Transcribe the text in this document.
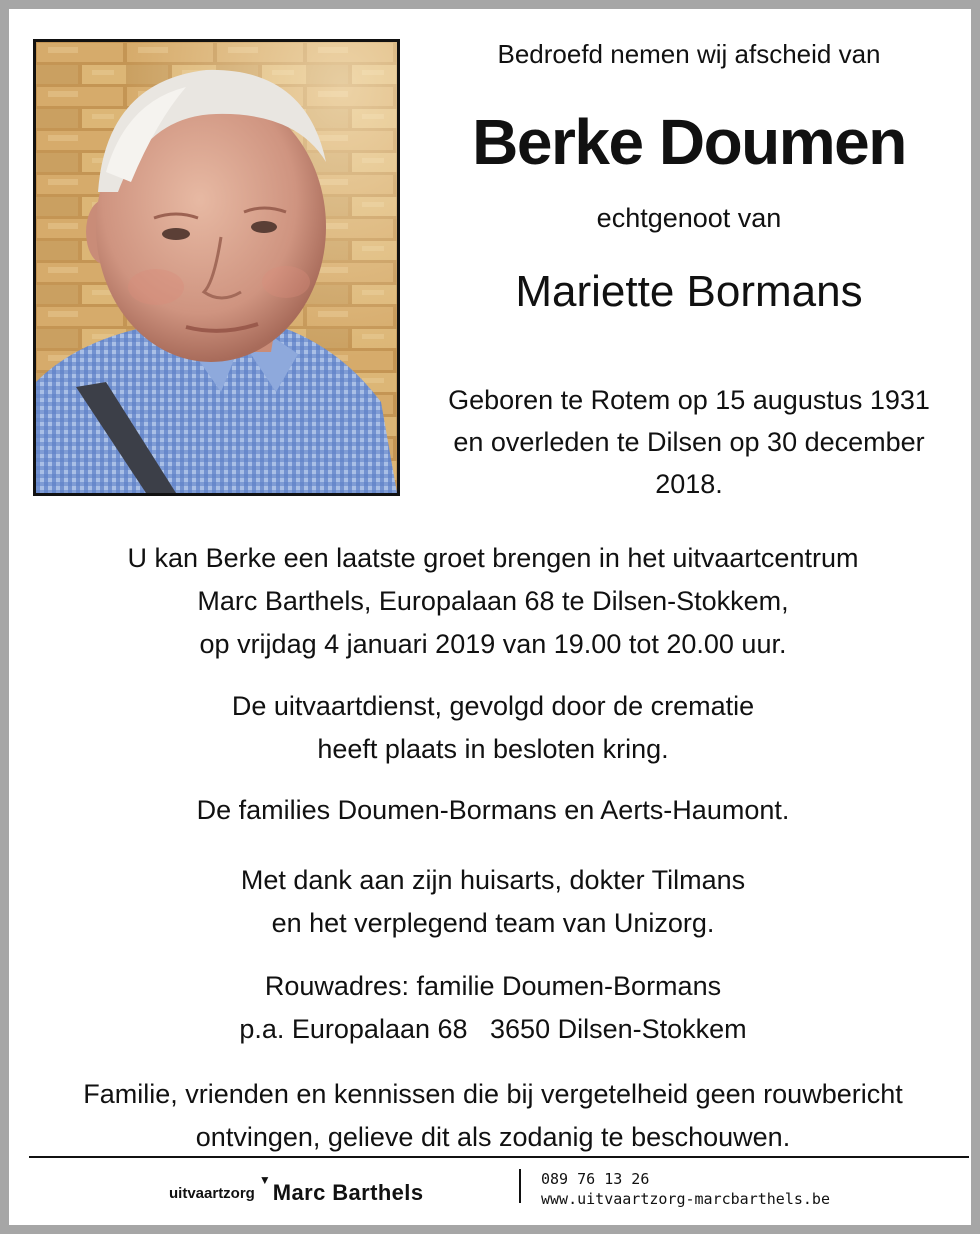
Bedroefd nemen wij afscheid van
Berke Doumen
echtgenoot van
Mariette Bormans
Geboren te Rotem op 15 augustus 1931
en overleden te Dilsen op 30 december
2018.
U kan Berke een laatste groet brengen in het uitvaartcentrum
Marc Barthels, Europalaan 68 te Dilsen-Stokkem,
op vrijdag 4 januari 2019 van 19.00 tot 20.00 uur.
De uitvaartdienst, gevolgd door de crematie
heeft plaats in besloten kring.
De families Doumen-Bormans en Aerts-Haumont.
Met dank aan zijn huisarts, dokter Tilmans
en het verplegend team van Unizorg.
Rouwadres: familie Doumen-Bormans
p.a. Europalaan 68   3650 Dilsen-Stokkem
Familie, vrienden en kennissen die bij vergetelheid geen rouwbericht
ontvingen, gelieve dit als zodanig te beschouwen.
uitvaartzorg
▼ Marc Barthels
089 76 13 26
www.uitvaartzorg-marcbarthels.be
